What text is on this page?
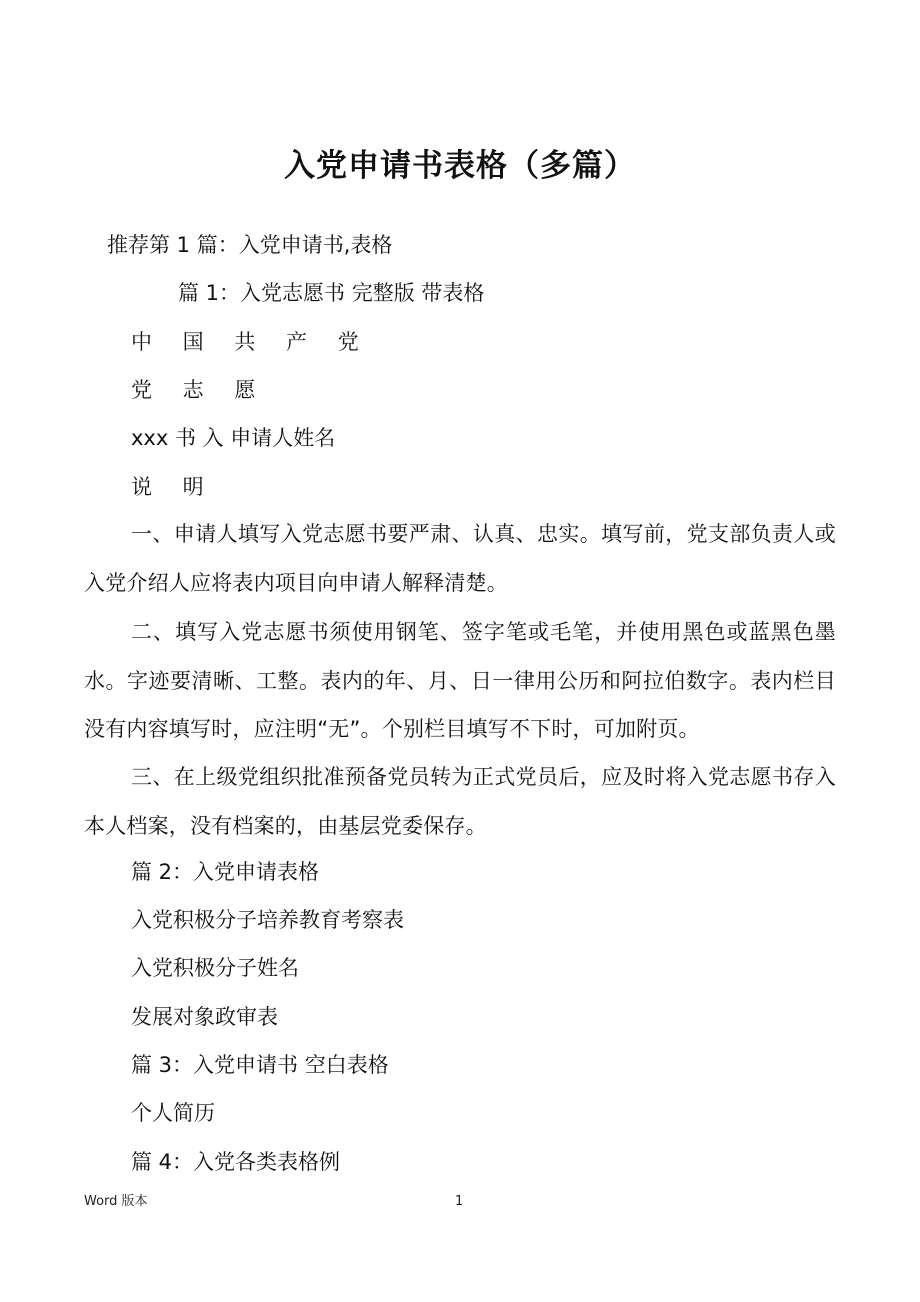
入党申请书表格（多篇）
推荐第 1 篇：入党申请书,表格
篇 1：入党志愿书 完整版 带表格
中 国 共 产 党
党 志 愿
xxx 书 入 申请人姓名
说 明
一、申请人填写入党志愿书要严肃、认真、忠实。填写前，党支部负责人或入党介绍人应将表内项目向申请人解释清楚。
二、填写入党志愿书须使用钢笔、签字笔或毛笔，并使用黑色或蓝黑色墨水。字迹要清晰、工整。表内的年、月、日一律用公历和阿拉伯数字。表内栏目没有内容填写时，应注明“无”。个别栏目填写不下时，可加附页。
三、在上级党组织批准预备党员转为正式党员后，应及时将入党志愿书存入本人档案，没有档案的，由基层党委保存。
篇 2：入党申请表格
入党积极分子培养教育考察表
入党积极分子姓名
发展对象政审表
篇 3：入党申请书 空白表格
个人简历
篇 4：入党各类表格例
Word 版本	1
